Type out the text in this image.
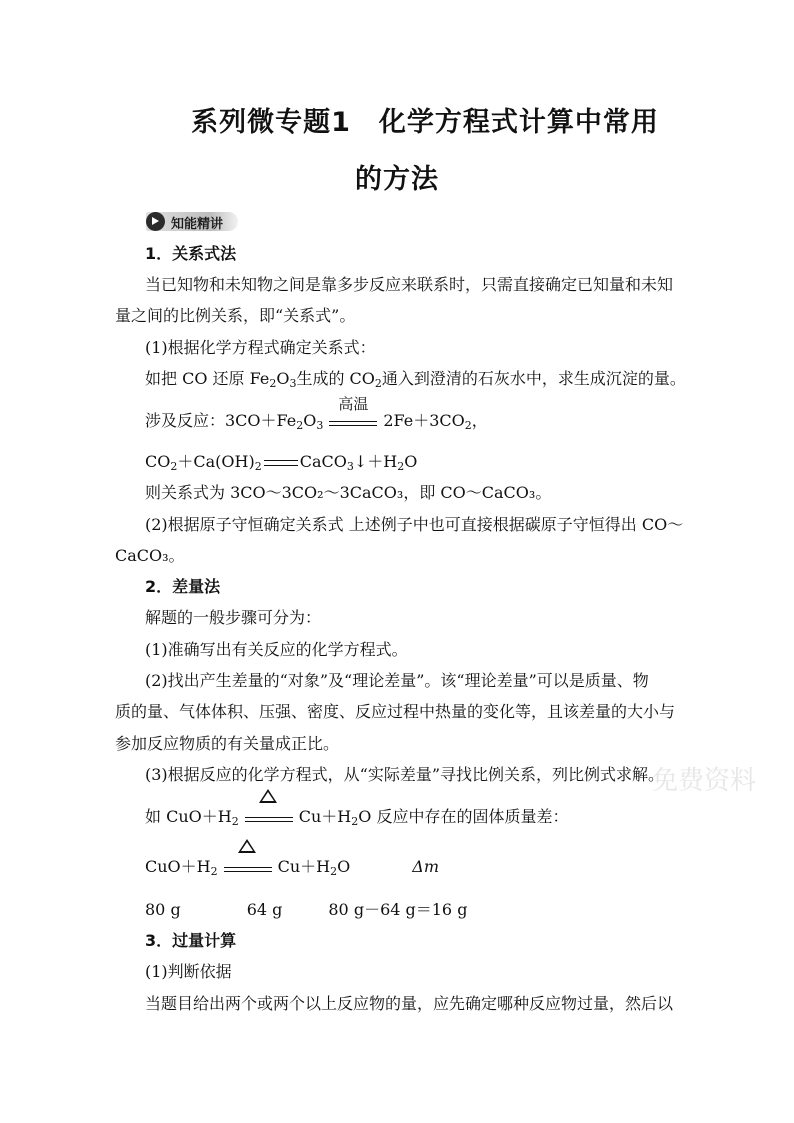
系列微专题1　化学方程式计算中常用
的方法
知能精讲
1．关系式法
当已知物和未知物之间是靠多步反应来联系时，只需直接确定已知量和未知
量之间的比例关系，即“关系式”。
(1)根据化学方程式确定关系式：
如把 CO 还原 $Fe_2O_3$生成的 $CO_2$通入到澄清的石灰水中，求生成沉淀的量。
涉及反应：$3CO+Fe_2O_3$
高温
$2Fe+3CO_2$，
$CO_2+Ca(OH)_2$ $CaCO_3↓+H_2O$
则关系式为 3CO～3CO₂～3CaCO₃，即 CO～CaCO₃。
(2)根据原子守恒确定关系式 上述例子中也可直接根据碳原子守恒得出 CO～
CaCO₃。
2．差量法
解题的一般步骤可分为：
(1)准确写出有关反应的化学方程式。
(2)找出产生差量的“对象”及“理论差量”。该“理论差量”可以是质量、物
质的量、气体体积、压强、密度、反应过程中热量的变化等，且该差量的大小与
参加反应物质的有关量成正比。
(3)根据反应的化学方程式，从“实际差量”寻找比例关系，列比例式求解。
如 $CuO+H_2$	$Cu+H_2O$ 反应中存在的固体质量差：
$CuO+H_2$	$Cu+H_2O$	Δm
80 g	64 g	80 g－64 g＝16 g
3．过量计算
(1)判断依据
当题目给出两个或两个以上反应物的量，应先确定哪种反应物过量，然后以
免费资料
